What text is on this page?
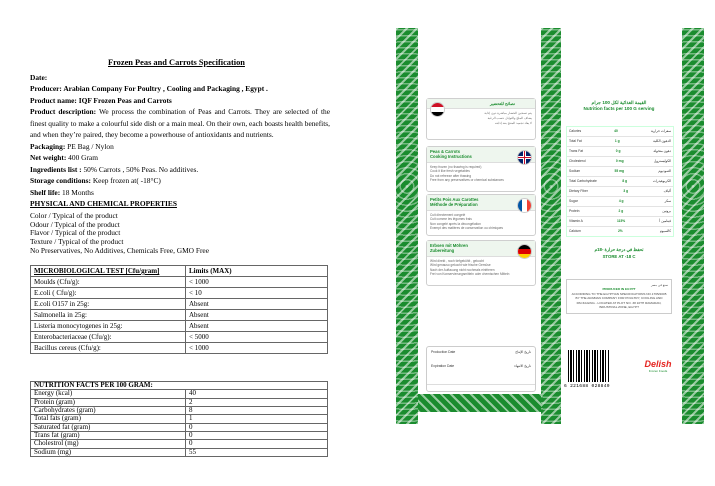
Frozen Peas and Carrots Specification
Date:
Producer: Arabian Company For Poultry , Cooling and Packaging , Egypt .
Product name: IQF Frozen Peas and Carrots
Product description: We process the combination of Peas and Carrots. They are selected of the finest quality to make a colourful side dish or a main meal. On their own, each boasts health benefits, and when they’re paired, they become a powerhouse of antioxidants and nutrients.
Packaging: PE Bag / Nylon
Net weight: 400 Gram
Ingredients list : 50% Carrots , 50% Peas. No additives.
Storage conditions: Keep frozen at( -18°C)
Shelf life: 18 Months
PHYSICAL AND CHEMICAL PROPERTIES
Color / Typical of the product
Odour / Typical of the product
Flavor / Typical of the product
Texture / Typical of the product
No Preservatives, No Additives, Chemicals Free, GMO Free
MICROBIOLOGICAL TEST [Cfu/gram]	Limits (MAX)
Moulds (Cfu/g):	< 1000
E.coli ( Cfu/g):	< 10
E.coli O157 in 25g:	Absent
Salmonella in 25g:	Absent
Listeria monocytogenes in 25g:	Absent
Enterobacteriaceae (Cfu/g):	< 5000
Bacillus cereus (Cfu/g):	< 1000
NUTRITION FACTS PER 100 GRAM:	
Energy (kcal)	40
Protein (gram)	2
Carbohydrates (gram)	8
Total fats (gram)	1
Saturated fat (gram)	0
Trans fat (gram)	0
Cholestrol (mg)	0
Sodium (mg)	55
نصائح للتحضير
يتم تسخين الخضار مباشرة دون إذابة
يضاف الملح والتوابل حسب الرغبة
لا يعاد تجميد المنتج بعد إذابته
Peas & Carrots
Cooking Instructions
Keep frozen (no thawing is required)
Cook it like fresh vegetables
Do not refreeze after thawing
Free from any preservatives or chemical substances
Petits Pois Aux Carottes
Méthode de Préparation
Cuit directement congelé
Cuit comme les légumes frais
Non congelé après la décongélation
Exempt des matières de conservation ou chimiques
Erbsen mit Möhren
Zubereitung
Wird direkt , noch tiefgekühlt , gekocht
Wird genauso gekocht wie frische Gemüse
Nach der Auftauung nicht nochmals einfrieren
Frei von Konservierungsmitteln oder chemischen Mitteln
Production Date	تاريخ الإنتاج
Expiration Date	تاريخ الانتهاء
القيمة الغذائية لكل 100 جرام
Nutrition facts per 100 G serving
Calories	40	سعرات حرارية
Total Fat	1 g	الدهون الكلية
Trans Fat	0 g	دهون متحولة
Cholesterol	0 mg	الكوليسترول
Sodium	55 mg	الصوديوم
Total Carbohydrate	8 g	الكربوهيدرات
Dietary Fiber	3 g	ألياف
Sugar	4 g	سكر
Protein	2 g	بروتين
Vitamin A	115%	فيتامين أ
Calcium	2%	كالسيوم
تحفظ في درجة حرارة -18م
STORE AT -18 C
صنع في مصر
PRODUCED IN EGYPT
ACCORDING TO THE EGYPTIAN SPECIFICATIONS NO.1765/2005 BY THE ARABIAN COMPANY FOR POULTRY, COOLING AND PACKAGING - LOCATED AT PLOT NO. 38 10TH RAMADAN, INDUSTRIAL ZONE, EGYPT
6 221688 028840
Delish
Frozen Foods
